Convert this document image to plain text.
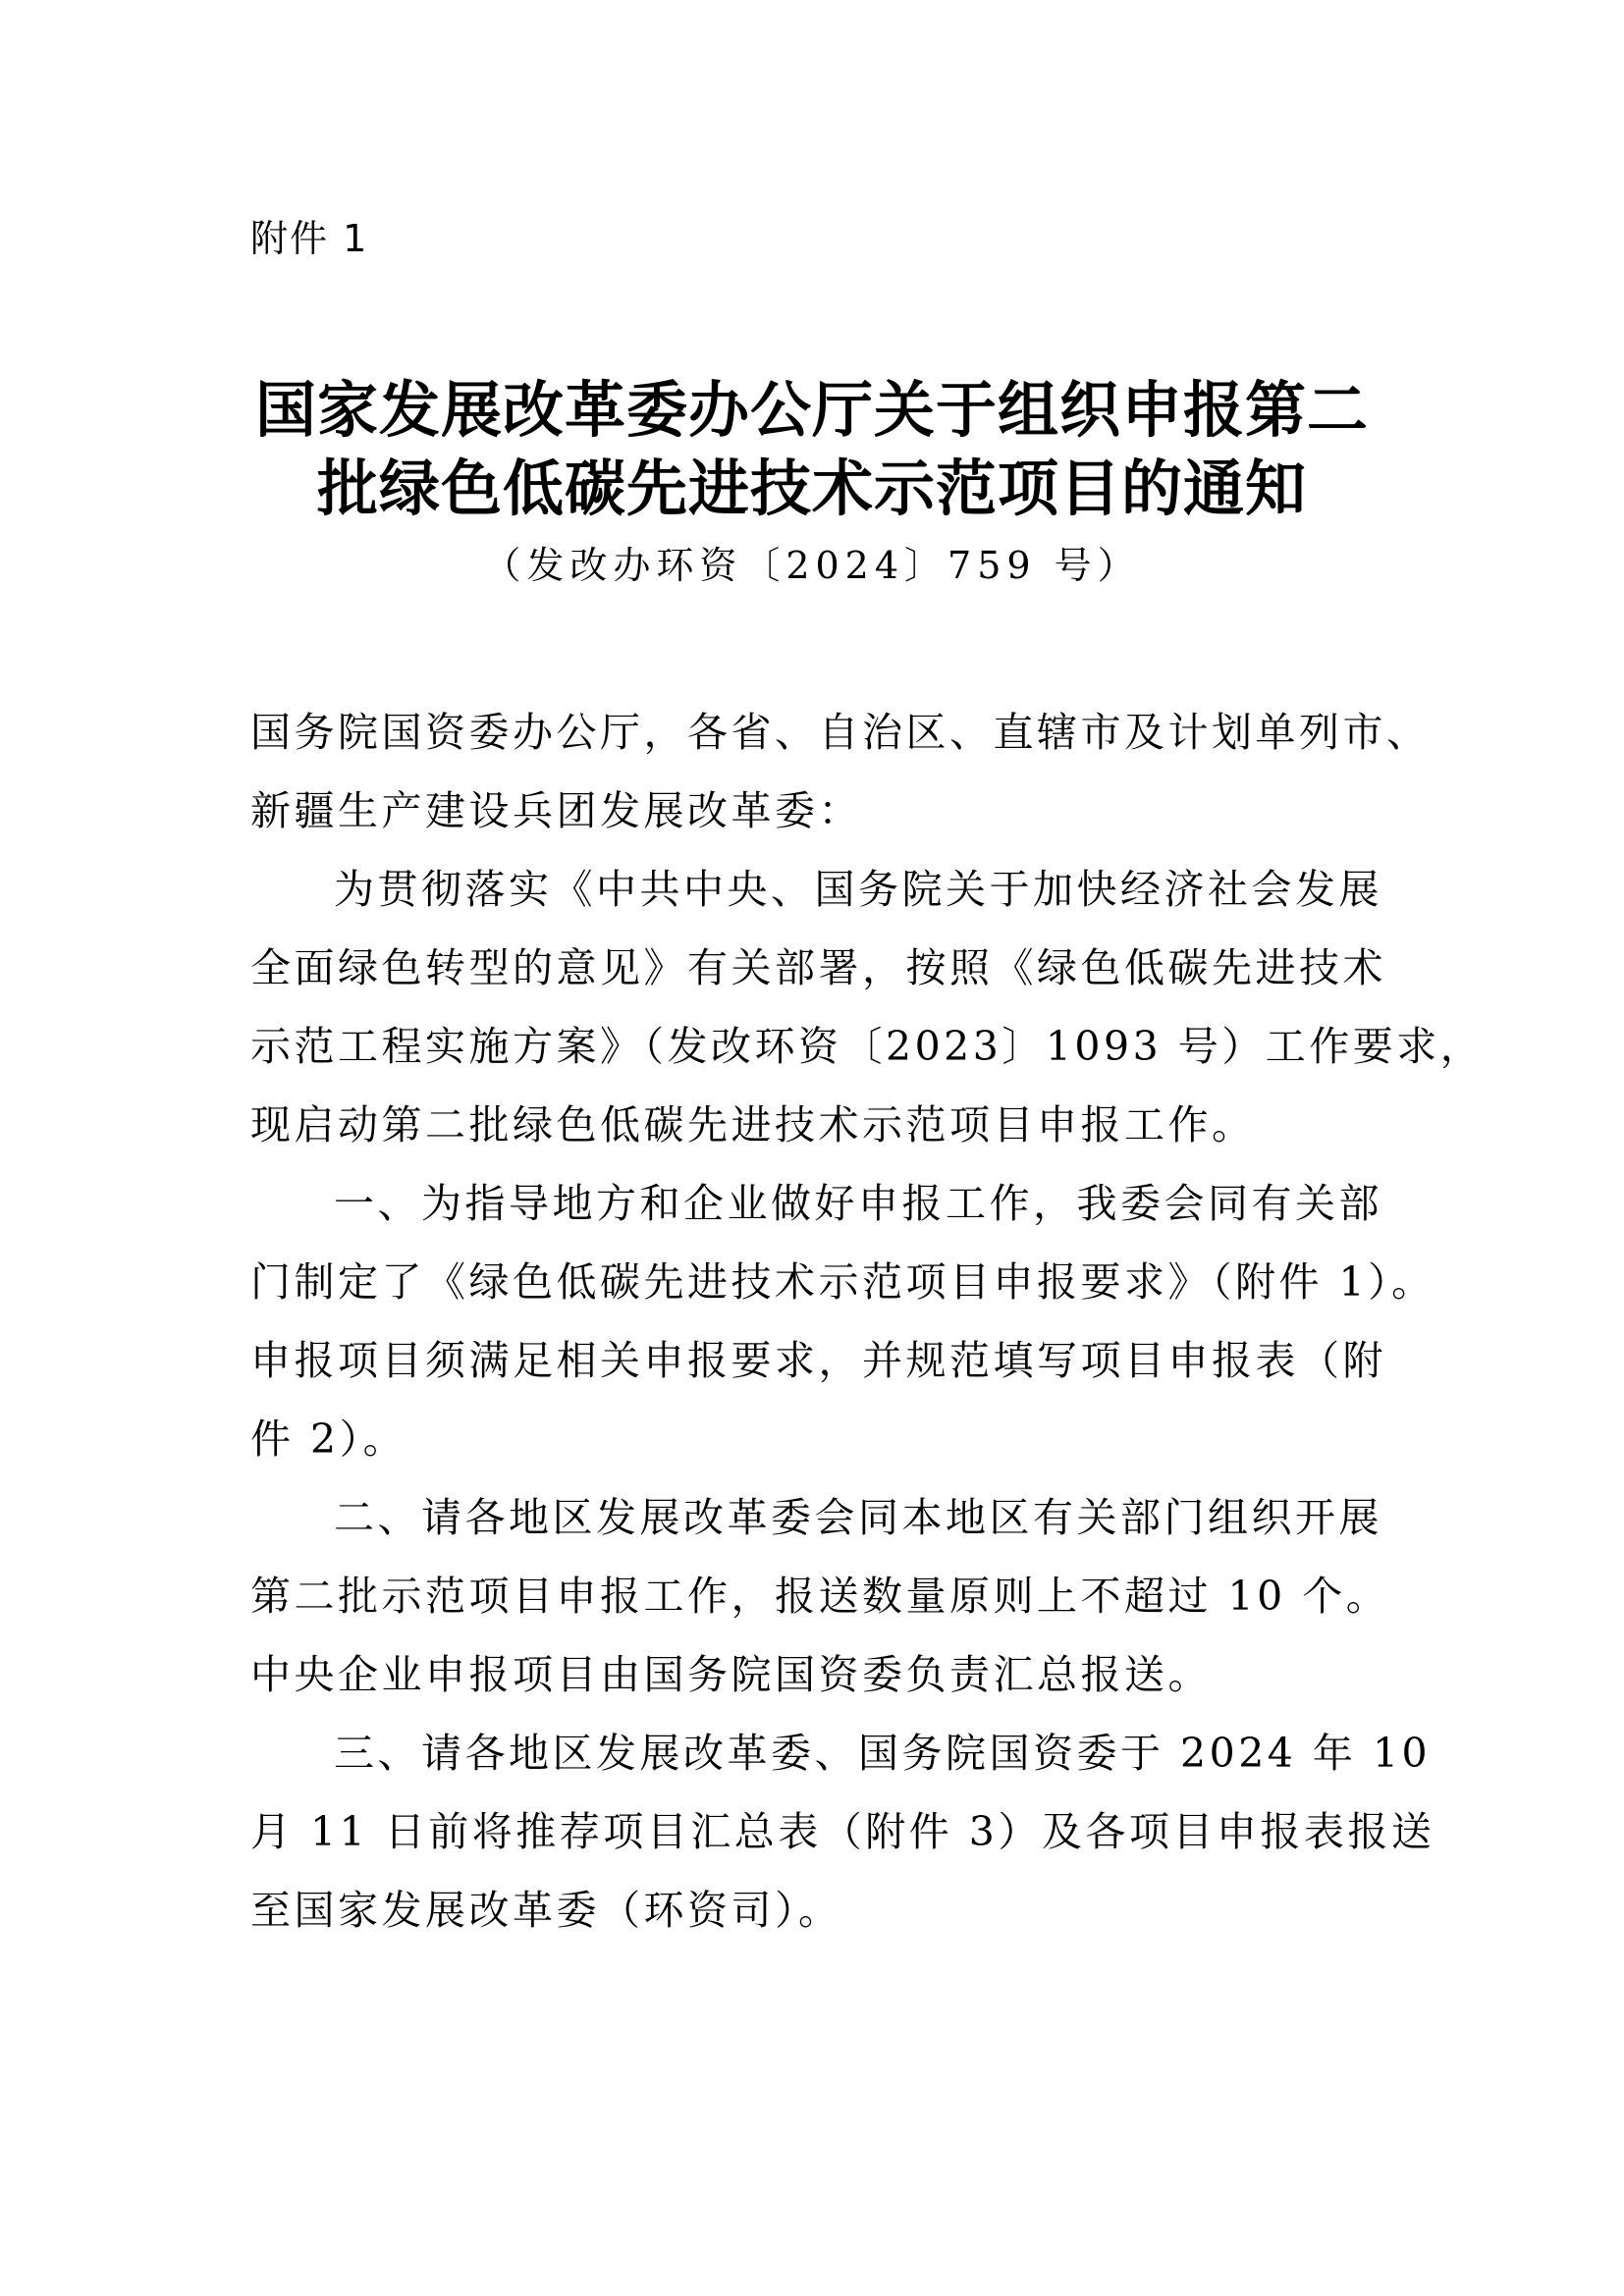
附件 1
国家发展改革委办公厅关于组织申报第二
批绿色低碳先进技术示范项目的通知
（发改办环资〔2024〕759 号）
国务院国资委办公厅，各省、自治区、直辖市及计划单列市、
新疆生产建设兵团发展改革委：
为贯彻落实《中共中央、国务院关于加快经济社会发展
全面绿色转型的意见》有关部署，按照《绿色低碳先进技术
示范工程实施方案》（发改环资〔2023〕1093 号）工作要求，
现启动第二批绿色低碳先进技术示范项目申报工作。
一、为指导地方和企业做好申报工作，我委会同有关部
门制定了《绿色低碳先进技术示范项目申报要求》（附件 1）。
申报项目须满足相关申报要求，并规范填写项目申报表（附
件 2）。
二、请各地区发展改革委会同本地区有关部门组织开展
第二批示范项目申报工作，报送数量原则上不超过 10 个。
中央企业申报项目由国务院国资委负责汇总报送。
三、请各地区发展改革委、国务院国资委于 2024 年 10
月 11 日前将推荐项目汇总表（附件 3）及各项目申报表报送
至国家发展改革委（环资司）。
